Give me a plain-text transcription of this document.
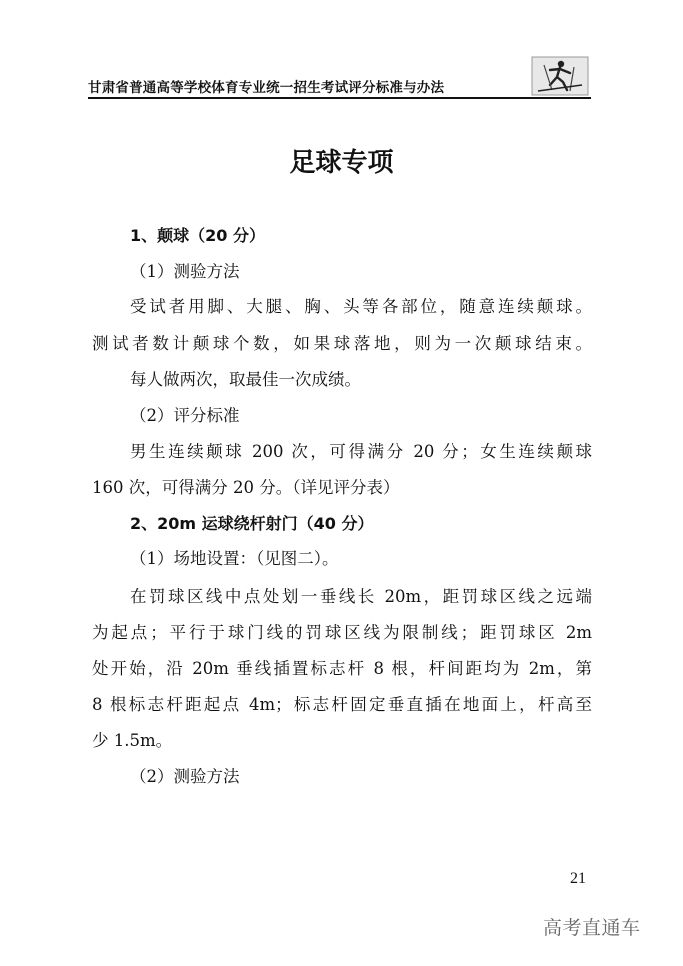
甘肃省普通高等学校体育专业统一招生考试评分标准与办法
足球专项
1、颠球（20 分）
（1）测验方法
受试者用脚、大腿、胸、头等各部位，随意连续颠球。
测试者数计颠球个数，如果球落地，则为一次颠球结束。
每人做两次，取最佳一次成绩。
（2）评分标准
男生连续颠球 200 次，可得满分 20 分；女生连续颠球
160 次，可得满分 20 分。（详见评分表）
2、20m 运球绕杆射门（40 分）
（1）场地设置：（见图二）。
在罚球区线中点处划一垂线长 20m，距罚球区线之远端
为起点；平行于球门线的罚球区线为限制线；距罚球区 2m
处开始，沿 20m 垂线插置标志杆 8 根，杆间距均为 2m，第
8 根标志杆距起点 4m；标志杆固定垂直插在地面上，杆高至
少 1.5m。
（2）测验方法
21
高考直通车
